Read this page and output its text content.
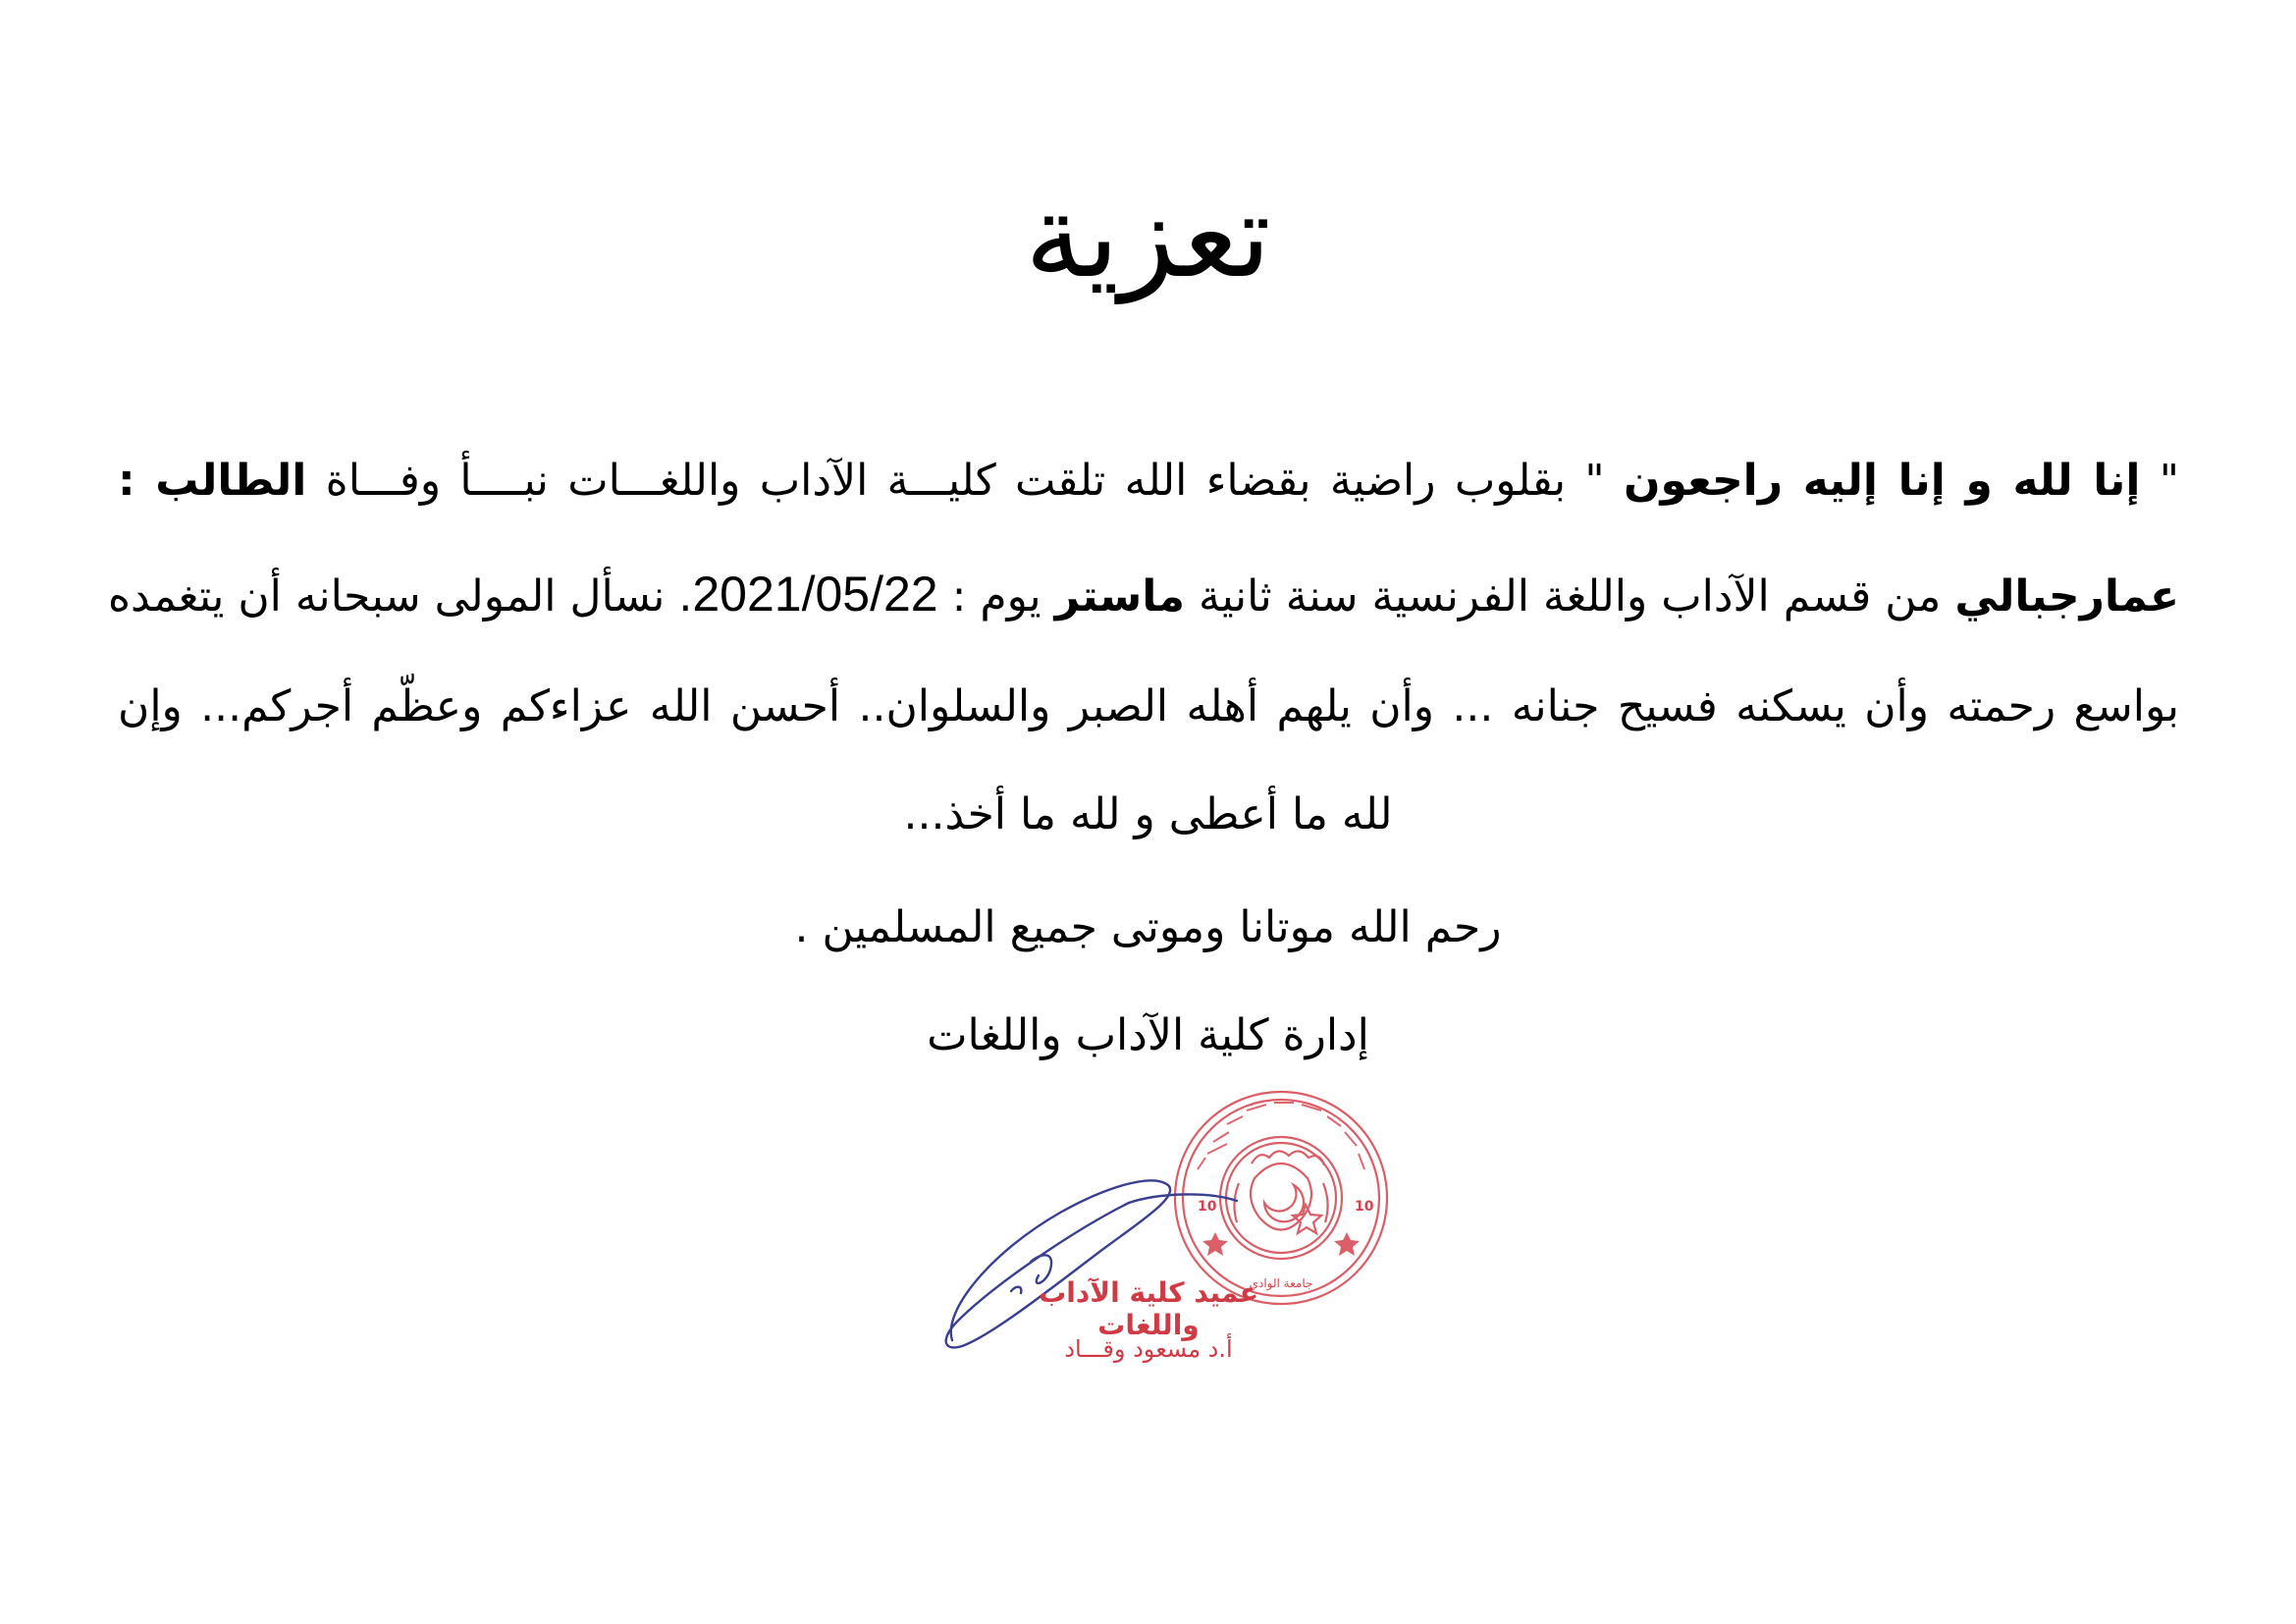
تعزية
" إنا لله و إنا إليه راجعون " بقلوب راضية بقضاء الله تلقت كليـــة الآداب واللغـــات نبــــأ وفـــاة الطالب :
عمارجبالي من قسم الآداب واللغة الفرنسية سنة ثانية ماستر يوم : 2021/05/22. نسأل المولى سبحانه أن يتغمده
بواسع رحمته وأن يسكنه فسيح جنانه ... وأن يلهم أهله الصبر والسلوان.. أحسن الله عزاءكم وعظّم أجركم... وإن
لله ما أعطى و لله ما أخذ...
رحم الله موتانا وموتى جميع المسلمين .
إدارة كلية الآداب واللغات
10
10
جامعة الوادي
عميد كلية الآداب واللغات
أ.د مسعود وقـــاد
